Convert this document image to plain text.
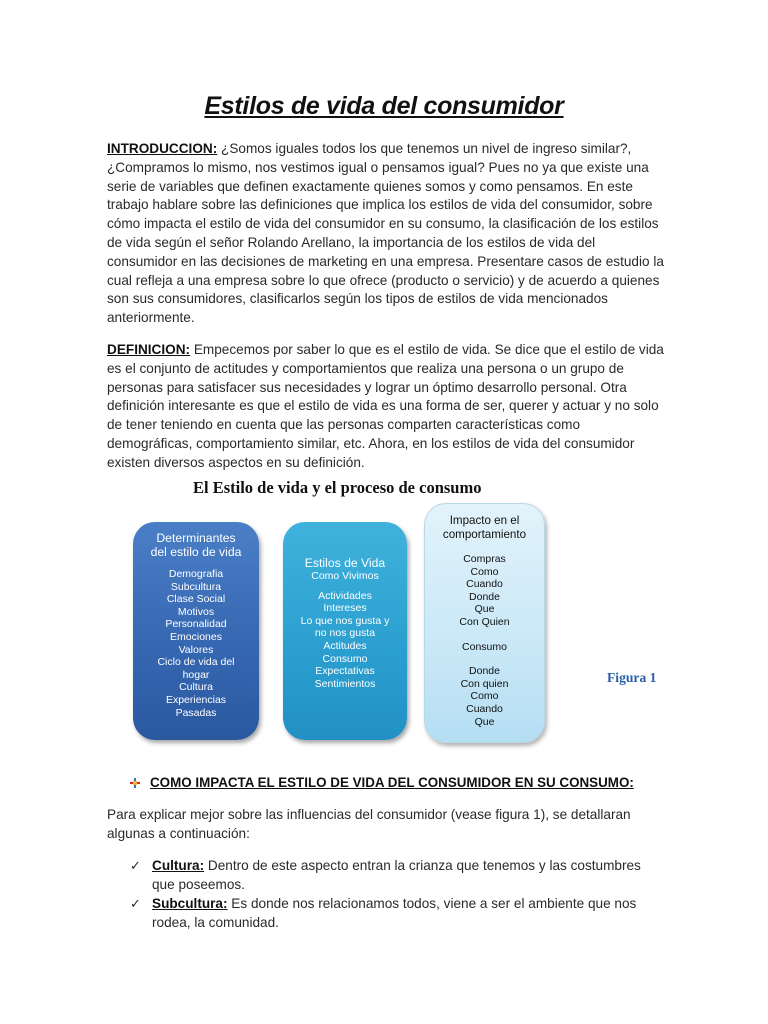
Estilos de vida del consumidor
INTRODUCCION: ¿Somos iguales todos los que tenemos un nivel de ingreso similar?, ¿Compramos lo mismo, nos vestimos igual o pensamos igual? Pues no ya que existe una serie de variables que definen exactamente quienes somos y como pensamos. En este trabajo hablare sobre las definiciones que implica los estilos de vida del consumidor, sobre cómo impacta el estilo de vida del consumidor en su consumo, la clasificación de los estilos de vida según el señor Rolando Arellano, la importancia de los estilos de vida del consumidor en las decisiones de marketing en una empresa. Presentare casos de estudio la cual refleja a una empresa sobre lo que ofrece (producto o servicio) y de acuerdo a quienes son sus consumidores, clasificarlos según los tipos de estilos de vida mencionados anteriormente.
DEFINICION: Empecemos por saber lo que es el estilo de vida. Se dice que el estilo de vida es el conjunto de actitudes y comportamientos que realiza una persona o un grupo de personas para satisfacer sus necesidades y lograr un óptimo desarrollo personal. Otra definición interesante es que el estilo de vida es una forma de ser, querer y actuar y no solo de tener teniendo en cuenta que las personas comparten características como demográficas, comportamiento similar, etc. Ahora, en los estilos de vida del consumidor existen diversos aspectos en su definición.
El Estilo de vida y el proceso de consumo
Determinantes
del estilo de vida
Demografia
Subcultura
Clase Social
Motivos
Personalidad
Emociones
Valores
Ciclo de vida del
hogar
Cultura
Experiencias
Pasadas
Estilos de Vida
Como Vivimos
Actividades
Intereses
Lo que nos gusta y
no nos gusta
Actitudes
Consumo
Expectativas
Sentimientos
Impacto en el
comportamiento
Compras
Como
Cuando
Donde
Que
Con Quien
Consumo
Donde
Con quien
Como
Cuando
Que
Figura 1
COMO IMPACTA EL ESTILO DE VIDA DEL CONSUMIDOR EN SU CONSUMO:
Para explicar mejor sobre las influencias del consumidor (vease figura 1), se detallaran algunas a continuación:
✓ Cultura: Dentro de este aspecto entran la crianza que tenemos y las costumbres que poseemos.
✓ Subcultura: Es donde nos relacionamos todos, viene a ser el ambiente que nos rodea, la comunidad.
